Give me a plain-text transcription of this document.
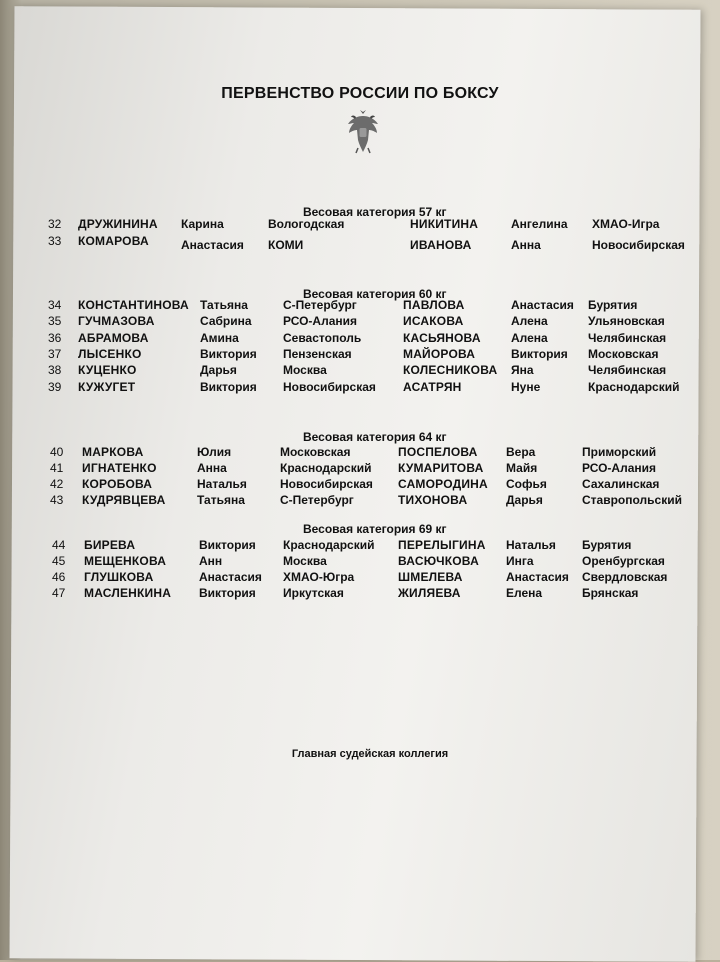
ПЕРВЕНСТВО РОССИИ ПО БОКСУ
Весовая категория 57 кг
32 ДРУЖИНИНА Карина	Вологодская	НИКИТИНА	Ангелина ХМАО-Игра
33 КОМАРОВА	Анастасия КОМИ	ИВАНОВА	Анна	Новосибирская
Весовая категория 60 кг
34 КОНСТАНТИНОВА Татьяна	С-Петербург	ПАВЛОВА	Анастасия Бурятия
35 ГУЧМАЗОВА	Сабрина	РСО-Алания	ИСАКОВА	Алена	Ульяновская
36 АБРАМОВА	Амина	Севастополь	КАСЬЯНОВА	Алена	Челябинская
37 ЛЫСЕНКО	Виктория Пензенская	МАЙОРОВА	Виктория Московская
38 КУЦЕНКО	Дарья	Москва	КОЛЕСНИКОВА Яна	Челябинская
39 КУЖУГЕТ	Виктория Новосибирская АСАТРЯН	Нуне	Краснодарский
Весовая категория 64 кг
40 МАРКОВА	Юлия	Московская	ПОСПЕЛОВА Вера	Приморский
41 ИГНАТЕНКО	Анна	Краснодарский КУМАРИТОВА Майя	РСО-Алания
42 КОРОБОВА	Наталья	Новосибирская САМОРОДИНА Софья	Сахалинская
43 КУДРЯВЦЕВА	Татьяна	С-Петербург	ТИХОНОВА	Дарья	Ставропольский
Весовая категория 69 кг
44 БИРЕВА	Виктория Краснодарский ПЕРЕЛЫГИНА Наталья Бурятия
45 МЕЩЕНКОВА	Анн	Москва	ВАСЮЧКОВА Инга	Оренбургская
46 ГЛУШКОВА	Анастасия ХМАО-Югра	ШМЕЛЕВА	Анастасия Свердловская
47 МАСЛЕНКИНА Виктория Иркутская	ЖИЛЯЕВА	Елена	Брянская
Главная судейская коллегия
